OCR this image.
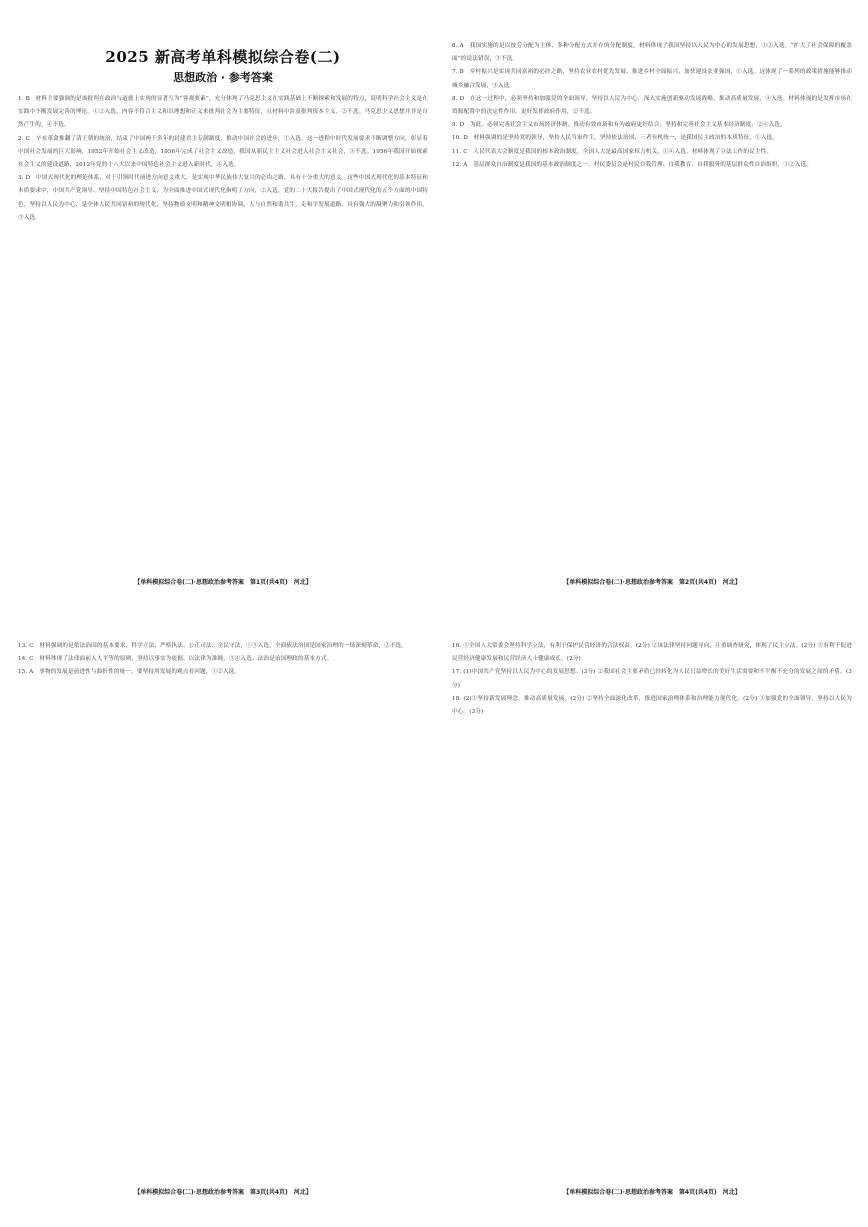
2025 新高考单科模拟综合卷(二)
思想政治 · 参考答案

1. B　材料主要强调的是该批判在政治与道德上实现的显著互为“客观要素”，充分体现了马克思主义在实践基础上不断探索和发展的特点，说明科学社会主义是在实践中不断发展完善的理论。①②入选，内容不符合主义和以理想和正义来批判社会为主要特征，且材料中涉及批判资本主义，②不选。马克思主义思想并非是自然产生的，④不选。

2. C　辛亥革命推翻了清王朝的统治，结束了中国两千多年的封建君主专制制度，推动中国社会的进步，①入选。这一进程中时代发展要求不断调整方向，彰显着中国社会发展的巨大影响，1952年开始社会主义改造，1956年完成了社会主义改造，我国从新民主主义社会进入社会主义社会，③不选。1956年我国开始探索社会主义的建设道路，2012年党的十八大以来中国特色社会主义进入新时代，④入选。

3. D　中国式现代化的理论体系，对于引领时代前进方向意义重大，是实现中华民族伟大复兴的必由之路，具有十分重大的意义。这些中国式现代化的基本特征和本质要求中，中国共产党领导、坚持中国特色社会主义，为全面推进中国式现代化指明了方向，②入选。党的二十大报告提出了中国式现代化的五个方面的中国特色，坚持以人民为中心，是全体人民共同富裕的现代化，坚持物质文明和精神文明相协调，人与自然和谐共生，走和平发展道路，具有强大的凝聚力和引领作用，③入选。

【单科模拟综合卷(二)·思想政治参考答案　第1页(共4页)　河北】

6. A　我国实施的是以按劳分配为主体、多种分配方式并存的分配制度，材料体现了我国坚持以人民为中心的发展思想，①②入选。“扩大了社会保障的覆盖面”的说法错误，③不选。

7. B　乡村振兴是实现共同富裕的必经之路，坚持农业农村优先发展，推进乡村全面振兴，加快建设农业强国，①入选。这体现了一系列的政策措施能够推动城乡融合发展，③入选。

8. D　在这一过程中，必须坚持和加强党的全面领导，坚持以人民为中心，深入实施创新驱动发展战略，推动高质量发展，④入选。材料体现的是发挥市场在资源配置中的决定性作用，更好发挥政府作用，②不选。

9. D　为此，必须完善社会主义市场经济体制，推动有效市场和有为政府更好结合，坚持和完善社会主义基本经济制度，②④入选。

10. D　材料强调的是坚持党的领导，坚持人民当家作主，坚持依法治国，三者有机统一，是我国民主政治的本质特征，①入选。

11. C　人民代表大会制度是我国的根本政治制度，全国人大是最高国家权力机关，①④入选。材料体现了立法工作的民主性。

12. A　基层群众自治制度是我国的基本政治制度之一，村民委员会是村民自我管理、自我教育、自我服务的基层群众性自治组织，①②入选。

【单科模拟综合卷(二)·思想政治参考答案　第2页(共4页)　河北】

13. C　材料强调的是依法治国的基本要求，科学立法、严格执法、公正司法、全民守法，①③入选。全面依法治国是国家治理的一场深刻革命，②不选。

14. C　材料体现了法律面前人人平等的原则，坚持以事实为依据、以法律为准绳，③④入选。法治是治国理政的基本方式。

15. A　事物的发展是前进性与曲折性的统一，要坚持用发展的观点看问题，①②入选。

【单科模拟综合卷(二)·思想政治参考答案　第3页(共4页)　河北】

16. ①全国人大常委会坚持科学立法，有利于保护民营经济的合法权益。(2分) ②该法律坚持问题导向，注重调查研究，体现了民主立法。(2分) ③有利于促进民营经济健康发展和民营经济人士健康成长。(2分)

17. (1)中国共产党坚持以人民为中心的发展思想。(3分) ②我国社会主要矛盾已经转化为人民日益增长的美好生活需要和不平衡不充分的发展之间的矛盾。(3分)

18. (2)①坚持新发展理念，推动高质量发展。(2分) ②坚持全面深化改革，推进国家治理体系和治理能力现代化。(2分) ③加强党的全面领导，坚持以人民为中心。(3分)

【单科模拟综合卷(二)·思想政治参考答案　第4页(共4页)　河北】
